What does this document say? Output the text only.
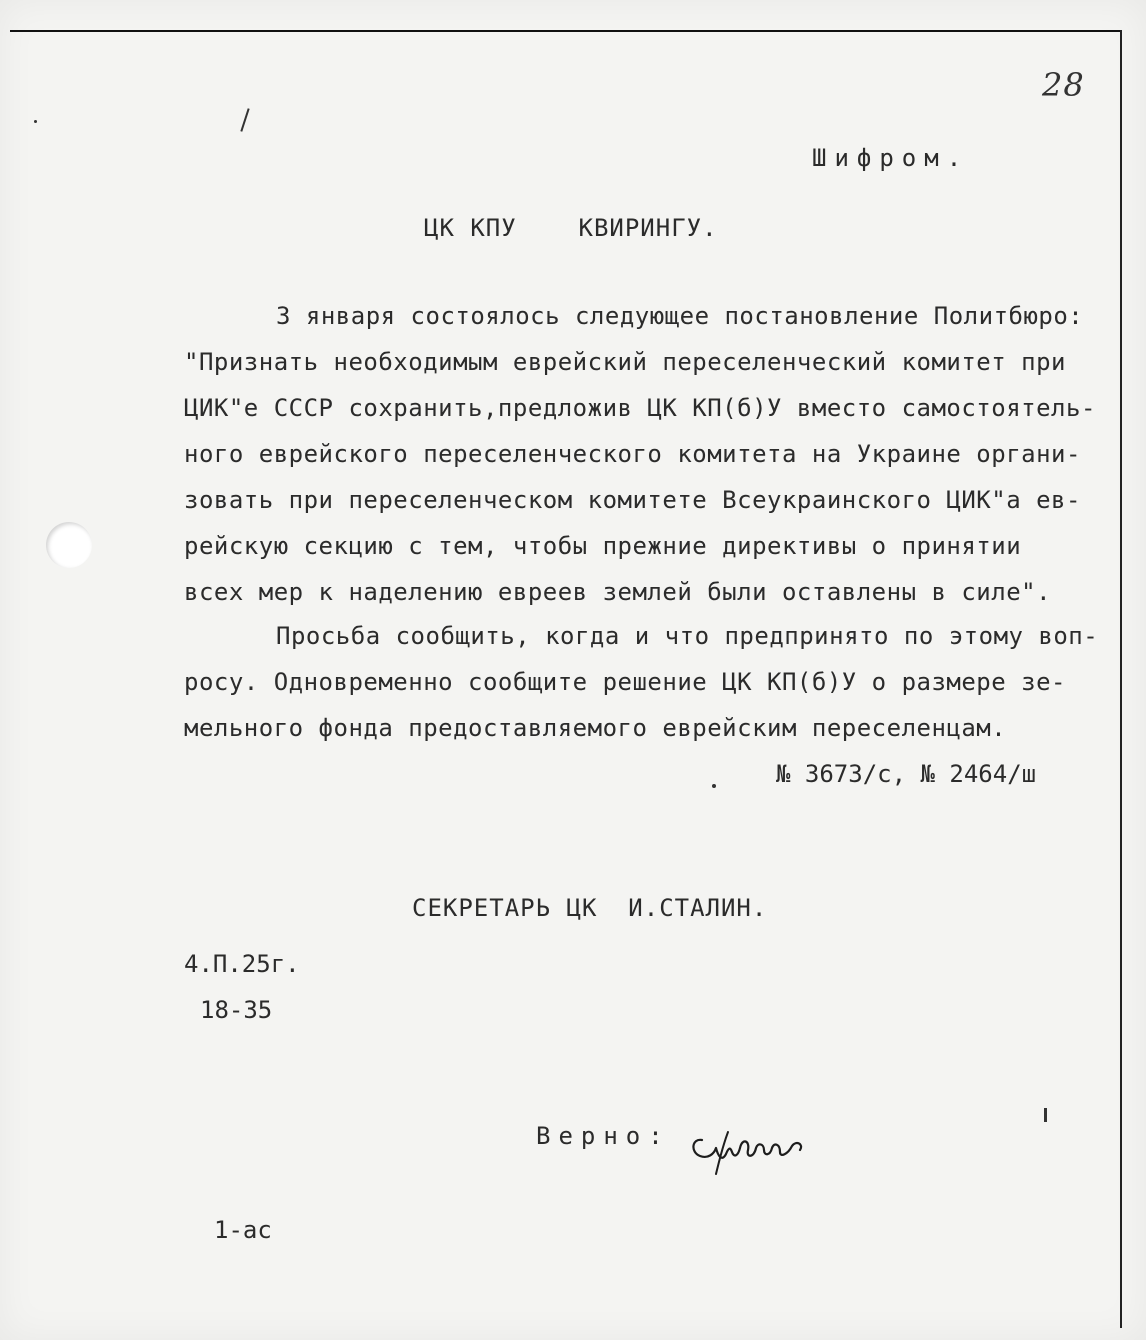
28
Шифром.
ЦК КПУ    КВИРИНГУ.
3 января состоялось следующее постановление Политбюро:
"Признать необходимым еврейский переселенческий комитет при
ЦИК"е СССР сохранить,предложив ЦК КП(б)У вместо самостоятель-
ного еврейского переселенческого комитета на Украине органи-
зовать при переселенческом комитете Всеукраинского ЦИК"а ев-
рейскую секцию с тем, чтобы прежние директивы о принятии
всех мер к наделению евреев землей были оставлены в силе".
Просьба сообщить, когда и что предпринято по этому воп-
росу. Одновременно сообщите решение ЦК КП(б)У о размере зе-
мельного фонда предоставляемого еврейским переселенцам.
№ 3673/с, № 2464/ш
СЕКРЕТАРЬ ЦК  И.СТАЛИН.
4.П.25г.
18-35
Верно:
1-ас
